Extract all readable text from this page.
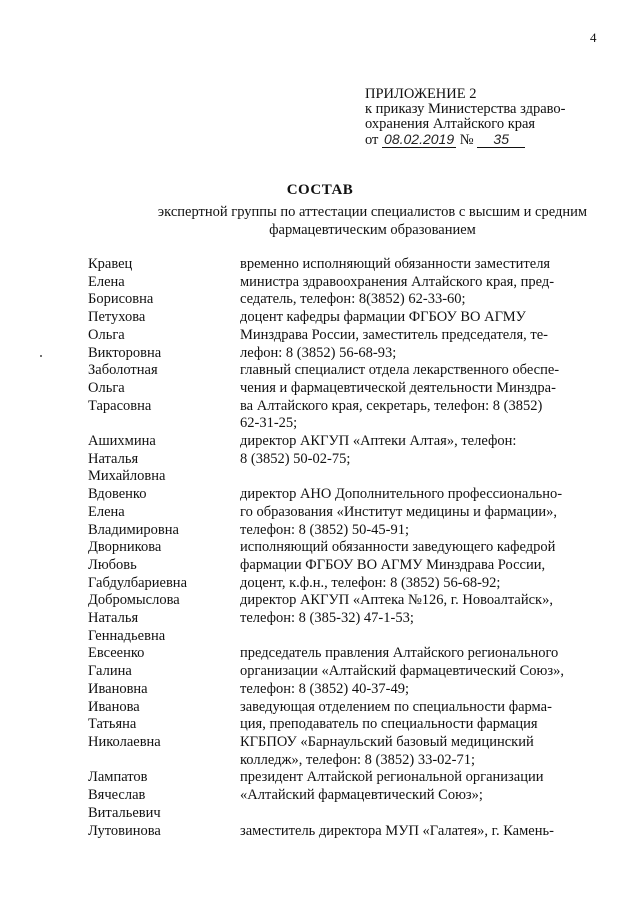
4
ПРИЛОЖЕНИЕ 2
к приказу Министерства здраво-
охранения Алтайского края
от 08.02.2019 № 35
СОСТАВ
экспертной группы по аттестации специалистов с высшим и средним
фармацевтическим образованием
Кравец
Елена
Борисовна
временно исполняющий обязанности заместителя
министра здравоохранения Алтайского края, пред-
седатель, телефон: 8(3852) 62-33-60;
Петухова
Ольга
Викторовна
доцент кафедры фармации ФГБОУ ВО АГМУ
Минздрава России, заместитель председателя, те-
лефон: 8 (3852) 56-68-93;
Заболотная
Ольга
Тарасовна
главный специалист отдела лекарственного обеспе-
чения и фармацевтической деятельности Минздра-
ва Алтайского края, секретарь, телефон: 8 (3852)
62-31-25;
Ашихмина
Наталья
Михайловна
директор АКГУП «Аптеки Алтая», телефон:
8 (3852) 50-02-75;
Вдовенко
Елена
Владимировна
директор АНО Дополнительного профессионально-
го образования «Институт медицины и фармации»,
телефон: 8 (3852) 50-45-91;
Дворникова
Любовь
Габдулбариевна
исполняющий обязанности заведующего кафедрой
фармации ФГБОУ ВО АГМУ Минздрава России,
доцент, к.ф.н., телефон: 8 (3852) 56-68-92;
Добромыслова
Наталья
Геннадьевна
директор АКГУП «Аптека №126, г. Новоалтайск»,
телефон: 8 (385-32) 47-1-53;
Евсеенко
Галина
Ивановна
председатель правления Алтайского регионального
организации «Алтайский фармацевтический Союз»,
телефон: 8 (3852) 40-37-49;
Иванова
Татьяна
Николаевна
заведующая отделением по специальности фарма-
ция, преподаватель по специальности фармация
КГБПОУ «Барнаульский базовый медицинский
колледж», телефон: 8 (3852) 33-02-71;
Лампатов
Вячеслав
Витальевич
президент Алтайской региональной организации
«Алтайский фармацевтический Союз»;
Лутовинова	заместитель директора МУП «Галатея», г. Камень-
